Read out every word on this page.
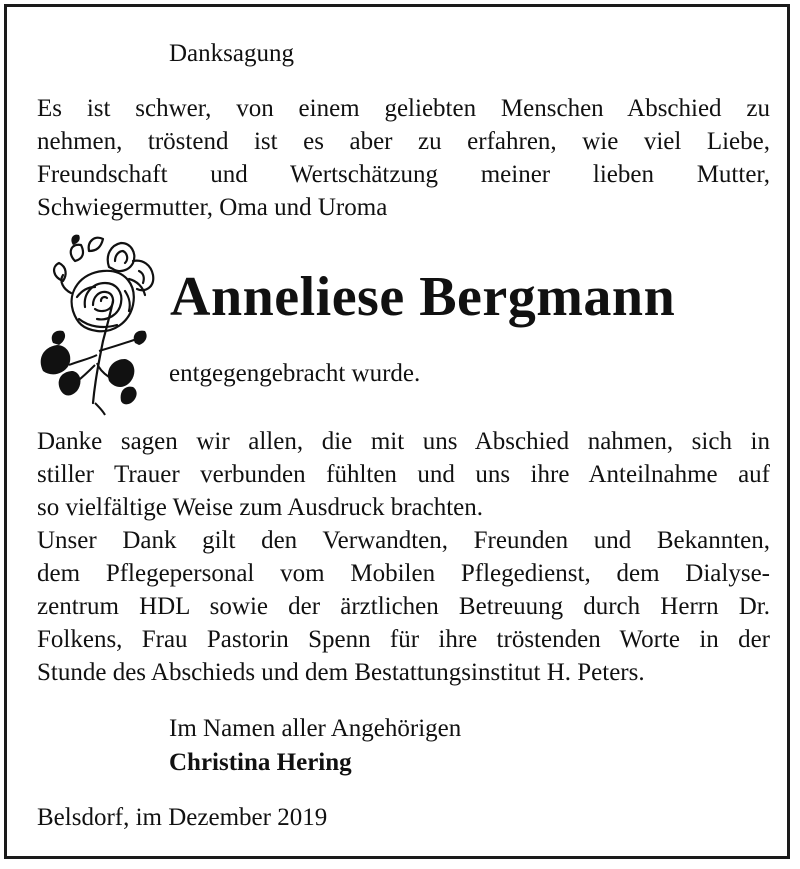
Danksagung
Es ist schwer, von einem geliebten Menschen Abschied zu
nehmen, tröstend ist es aber zu erfahren, wie viel Liebe,
Freundschaft und Wertschätzung meiner lieben Mutter,
Schwiegermutter, Oma und Uroma
Anneliese Bergmann
entgegengebracht wurde.
Danke sagen wir allen, die mit uns Abschied nahmen, sich in
stiller Trauer verbunden fühlten und uns ihre Anteilnahme auf
so vielfältige Weise zum Ausdruck brachten.
Unser Dank gilt den Verwandten, Freunden und Bekannten,
dem Pflegepersonal vom Mobilen Pflegedienst, dem Dialyse-
zentrum HDL sowie der ärztlichen Betreuung durch Herrn Dr.
Folkens, Frau Pastorin Spenn für ihre tröstenden Worte in der
Stunde des Abschieds und dem Bestattungsinstitut H. Peters.
Im Namen aller Angehörigen
Christina Hering
Belsdorf, im Dezember 2019
